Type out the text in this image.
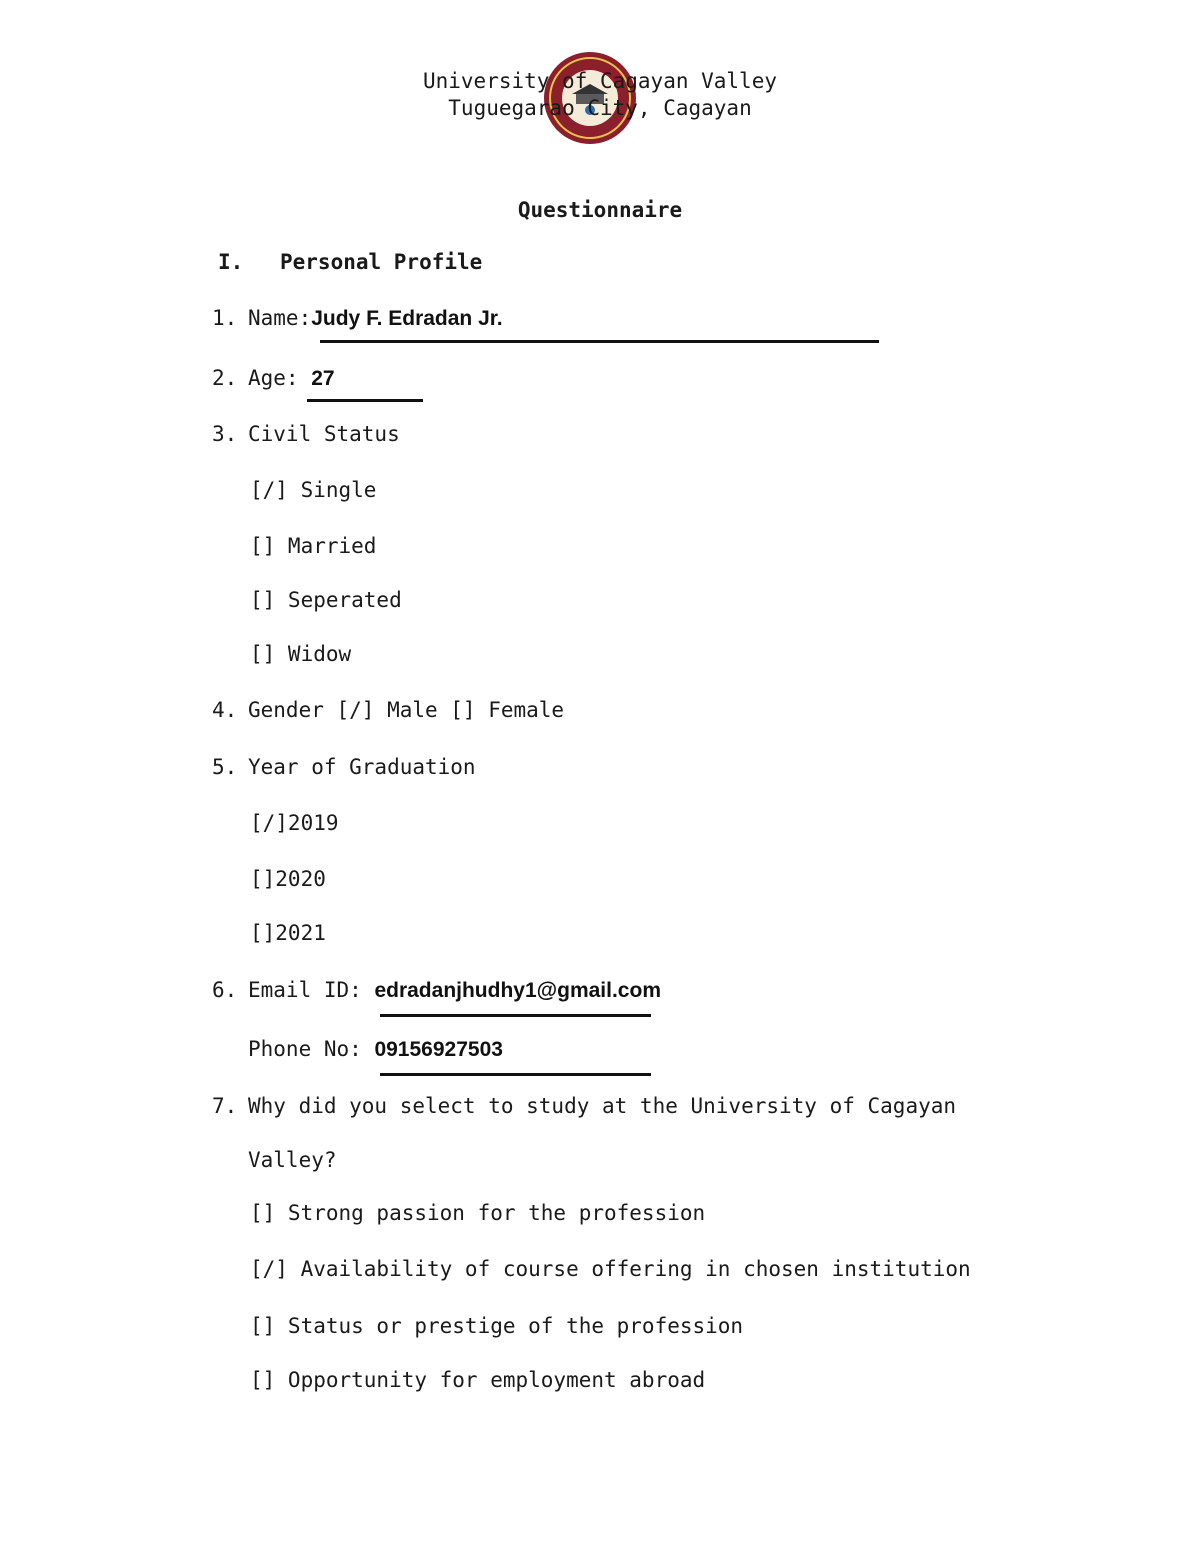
University of Cagayan Valley
Tuguegarao City, Cagayan
Questionnaire
I. Personal Profile
1. Name:Judy F. Edradan Jr.
2. Age: 27
3. Civil Status
[/] Single
[] Married
[] Seperated
[] Widow
4. Gender [/] Male [] Female
5. Year of Graduation
[/]2019
[]2020
[]2021
6. Email ID: edradanjhudhy1@gmail.com
Phone No: 09156927503
7. Why did you select to study at the University of Cagayan
Valley?
[] Strong passion for the profession
[/] Availability of course offering in chosen institution
[] Status or prestige of the profession
[] Opportunity for employment abroad
